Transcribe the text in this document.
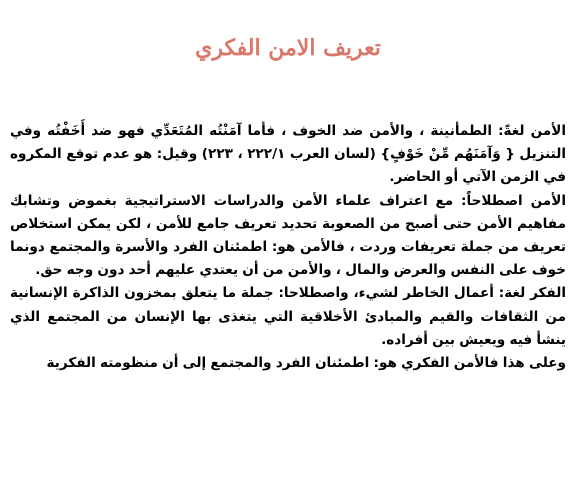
تعريف الامن الفكري

الأمن لغةً: الطمأنينة ، والأمن ضد الخوف ، فأما آمَنْتُه المُتَعَدِّي فهو ضد أَخَفْتُه وفي التنزيل { وَآمَنَهُم مِّنْ خَوْفٍ} (لسان العرب ٢٢٢/١ ، ٢٢٣) وقيل: هو عدم توقع المكروه في الزمن الآتي أو الحاضر.

الأمن اصطلاحاً: مع اعتراف علماء الأمن والدراسات الاستراتيجية بغموض وتشابك مفاهيم الأمن حتى أصبح من الصعوبة تحديد تعريف جامع للأمن ، لكن يمكن استخلاص تعريف من جملة تعريفات وردت ، فالأمن هو: اطمئنان الفرد والأسرة والمجتمع دونما خوف على النفس والعرض والمال ، والأمن من أن يعتدي عليهم أحد دون وجه حق.

الفكر لغة: أعمال الخاطر لشيء، واصطلاحا: جملة ما يتعلق بمخزون الذاكرة الإنسانية من الثقافات والقيم والمبادئ الأخلاقية التي يتغذى بها الإنسان من المجتمع الذي ينشأ فيه ويعيش بين أفراده.

وعلى هذا فالأمن الفكري هو: اطمئنان الفرد والمجتمع إلى أن منظومته الفكرية
